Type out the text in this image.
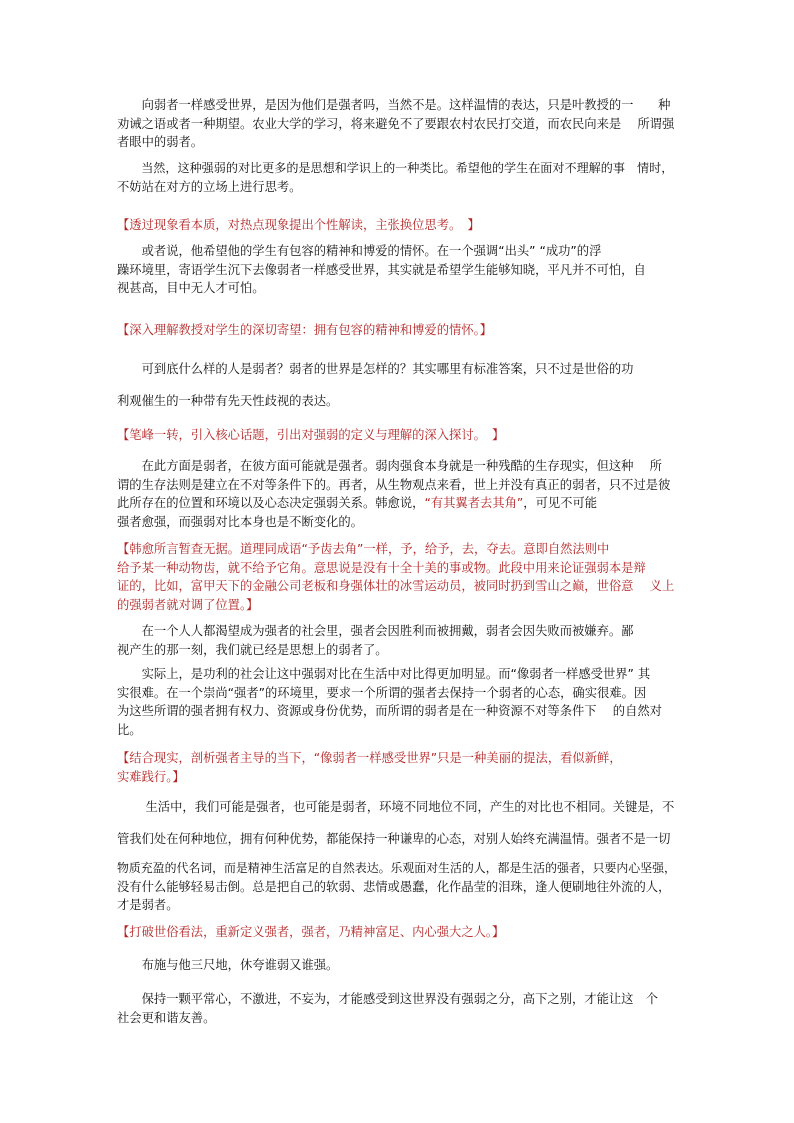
　　向弱者一样感受世界，是因为他们是强者吗，当然不是。这样温情的表达，只是叶教授的一　　种
劝诫之语或者一种期望。农业大学的学习，将来避免不了要跟农村农民打交道，而农民向来是　 所谓强
者眼中的弱者。
　　当然，这种强弱的对比更多的是思想和学识上的一种类比。希望他的学生在面对不理解的事　情时，
不妨站在对方的立场上进行思考。
【透过现象看本质，对热点现象提出个性解读，主张换位思考。　】
　　或者说，他希望他的学生有包容的精神和博爱的情怀。在一个强调“出头” “成功”的浮
躁环境里，寄语学生沉下去像弱者一样感受世界，其实就是希望学生能够知晓，平凡并不可怕，自
视甚高，目中无人才可怕。
【深入理解教授对学生的深切寄望：拥有包容的精神和博爱的情怀。】
　　可到底什么样的人是弱者？弱者的世界是怎样的？其实哪里有标准答案，只不过是世俗的功
利观催生的一种带有先天性歧视的表达。
【笔峰一转，引入核心话题，引出对强弱的定义与理解的深入探讨。　】
　　在此方面是弱者，在彼方面可能就是强者。弱肉强食本身就是一种残酷的生存现实，但这种　 所
谓的生存法则是建立在不对等条件下的。再者，从生物观点来看，世上并没有真正的弱者，只不过是彼
此所存在的位置和环境以及心态决定强弱关系。韩愈说，“有其翼者去其角”，可见不可能
强者愈强，而强弱对比本身也是不断变化的。
【韩愈所言暂查无据。道理同成语“予齿去角”一样，予，给予，去，夺去。意即自然法则中
给予某一种动物齿，就不给予它角。意思说是没有十全十美的事或物。此段中用来论证强弱本是辩
证的，比如，富甲天下的金融公司老板和身强体壮的冰雪运动员，被同时扔到雪山之巅，世俗意　 义上
的强弱者就对调了位置。】
　　在一个人人都渴望成为强者的社会里，强者会因胜利而被拥戴，弱者会因失败而被嫌弃。鄙
视产生的那一刻，我们就已经是思想上的弱者了。
　　实际上，是功利的社会让这中强弱对比在生活中对比得更加明显。而“像弱者一样感受世界” 其
实很难。在一个崇尚“强者”的环境里，要求一个所谓的强者去保持一个弱者的心态，确实很难。因
为这些所谓的强者拥有权力、资源或身份优势，而所谓的弱者是在一种资源不对等条件下　 的自然对
比。
【结合现实，剖析强者主导的当下，“像弱者一样感受世界”只是一种美丽的提法，看似新鲜，
实难践行。】
　　 生活中，我们可能是强者，也可能是弱者，环境不同地位不同，产生的对比也不相同。关键是，不
管我们处在何种地位，拥有何种优势，都能保持一种谦卑的心态，对别人始终充满温情。强者不是一切
物质充盈的代名词，而是精神生活富足的自然表达。乐观面对生活的人，都是生活的强者，只要内心坚强，
没有什么能够轻易击倒。总是把自己的软弱、悲情或愚蠢，化作晶莹的泪珠，逢人便刷地往外流的人，
才是弱者。
【打破世俗看法，重新定义强者，强者，乃精神富足、内心强大之人。】
　　布施与他三尺地，休夸谁弱又谁强。
　　保持一颗平常心，不激进，不妄为，才能感受到这世界没有强弱之分，高下之别，才能让这　个
社会更和谐友善。
